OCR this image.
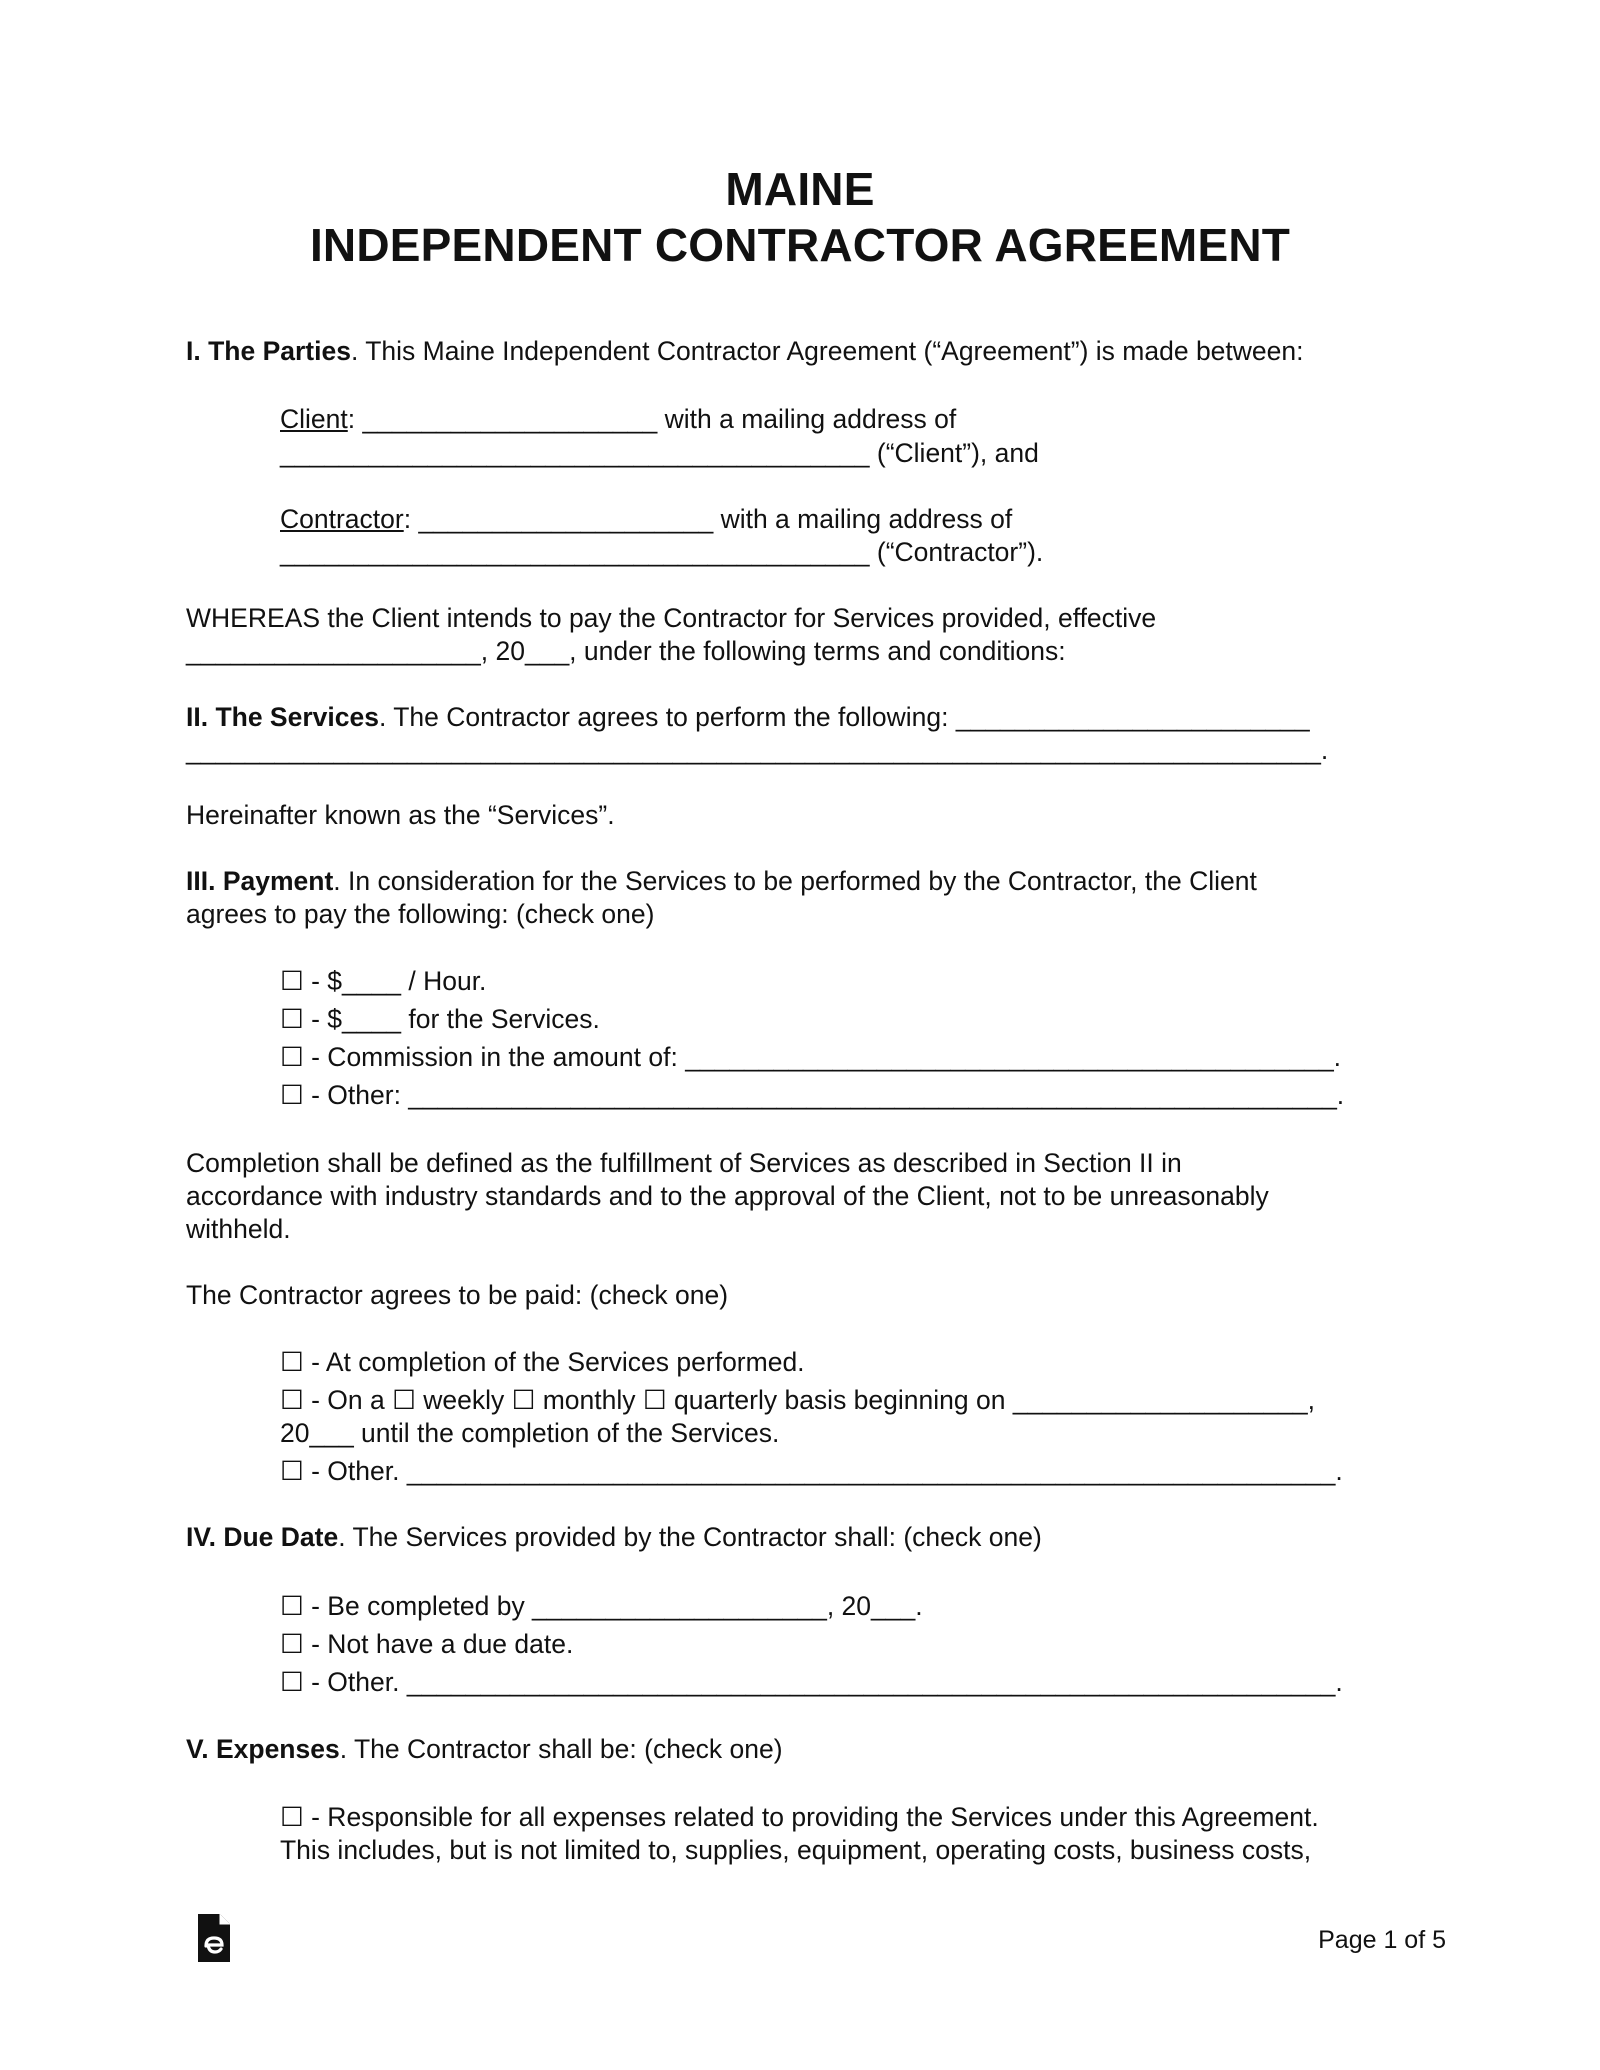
MAINE
INDEPENDENT CONTRACTOR AGREEMENT
I. The Parties. This Maine Independent Contractor Agreement (“Agreement”) is made between:
Client: ____________________ with a mailing address of
________________________________________ (“Client”), and
Contractor: ____________________ with a mailing address of
________________________________________ (“Contractor”).
WHEREAS the Client intends to pay the Contractor for Services provided, effective
____________________, 20___, under the following terms and conditions:
II. The Services. The Contractor agrees to perform the following: ________________________
_____________________________________________________________________________.
Hereinafter known as the “Services”.
III. Payment. In consideration for the Services to be performed by the Contractor, the Client
agrees to pay the following: (check one)
☐ - $____ / Hour.
☐ - $____ for the Services.
☐ - Commission in the amount of: ____________________________________________.
☐ - Other: _______________________________________________________________.
Completion shall be defined as the fulfillment of Services as described in Section II in
accordance with industry standards and to the approval of the Client, not to be unreasonably
withheld.
The Contractor agrees to be paid: (check one)
☐ - At completion of the Services performed.
☐ - On a ☐ weekly ☐ monthly ☐ quarterly basis beginning on ____________________,
20___ until the completion of the Services.
☐ - Other. _______________________________________________________________.
IV. Due Date. The Services provided by the Contractor shall: (check one)
☐ - Be completed by ____________________, 20___.
☐ - Not have a due date.
☐ - Other. _______________________________________________________________.
V. Expenses. The Contractor shall be: (check one)
☐ - Responsible for all expenses related to providing the Services under this Agreement.
This includes, but is not limited to, supplies, equipment, operating costs, business costs,
Page 1 of 5
